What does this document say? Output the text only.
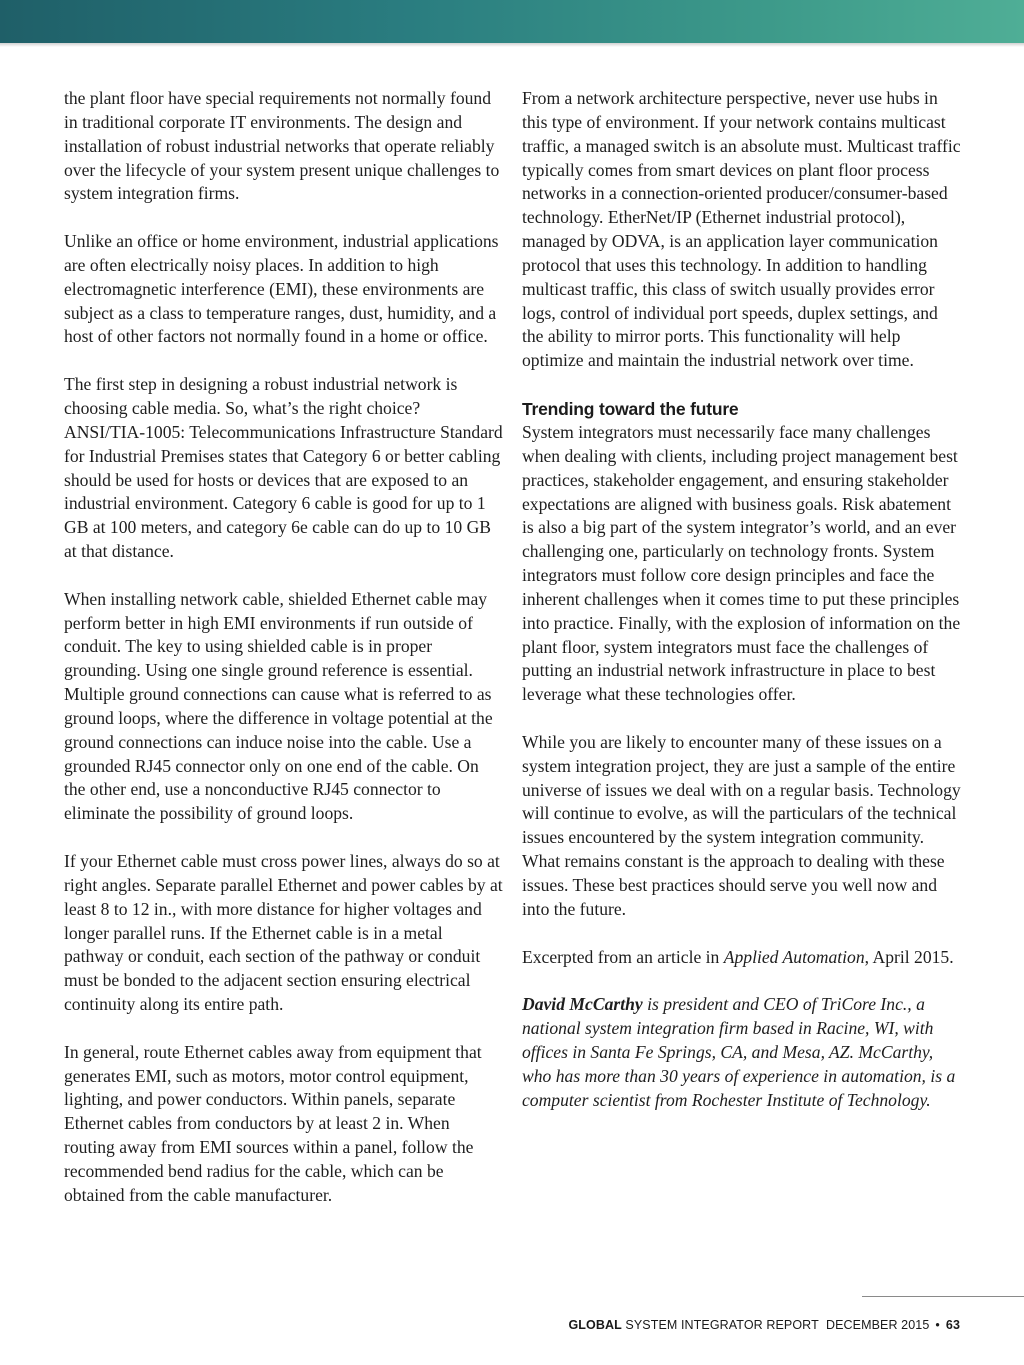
the plant floor have special requirements not normally found in traditional corporate IT environments. The design and installation of robust industrial networks that operate reliably over the lifecycle of your system present unique challenges to system integration firms.

Unlike an office or home environment, industrial applications are often electrically noisy places. In addition to high electromagnetic interference (EMI), these environments are subject as a class to temperature ranges, dust, humidity, and a host of other factors not normally found in a home or office.

The first step in designing a robust industrial network is choosing cable media. So, what’s the right choice? ANSI/TIA-1005: Telecommunications Infrastructure Standard for Industrial Premises states that Category 6 or better cabling should be used for hosts or devices that are exposed to an industrial environment. Category 6 cable is good for up to 1 GB at 100 meters, and category 6e cable can do up to 10 GB at that distance.

When installing network cable, shielded Ethernet cable may perform better in high EMI environments if run outside of conduit. The key to using shielded cable is in proper grounding. Using one single ground reference is essential. Multiple ground connections can cause what is referred to as ground loops, where the difference in voltage potential at the ground connections can induce noise into the cable. Use a grounded RJ45 connector only on one end of the cable. On the other end, use a nonconductive RJ45 connector to eliminate the possibility of ground loops.

If your Ethernet cable must cross power lines, always do so at right angles. Separate parallel Ethernet and power cables by at least 8 to 12 in., with more distance for higher voltages and longer parallel runs. If the Ethernet cable is in a metal pathway or conduit, each section of the pathway or conduit must be bonded to the adjacent section ensuring electrical continuity along its entire path.

In general, route Ethernet cables away from equipment that generates EMI, such as motors, motor control equipment, lighting, and power conductors. Within panels, separate Ethernet cables from conductors by at least 2 in. When routing away from EMI sources within a panel, follow the recommended bend radius for the cable, which can be obtained from the cable manufacturer.

From a network architecture perspective, never use hubs in this type of environment. If your network contains multicast traffic, a managed switch is an absolute must. Multicast traffic typically comes from smart devices on plant floor process networks in a connection-oriented producer/consumer-based technology. EtherNet/IP (Ethernet industrial protocol), managed by ODVA, is an application layer communication protocol that uses this technology. In addition to handling multicast traffic, this class of switch usually provides error logs, control of individual port speeds, duplex settings, and the ability to mirror ports. This functionality will help optimize and maintain the industrial network over time.

Trending toward the future

System integrators must necessarily face many challenges when dealing with clients, including project management best practices, stakeholder engagement, and ensuring stakeholder expectations are aligned with business goals. Risk abatement is also a big part of the system integrator’s world, and an ever challenging one, particularly on technology fronts. System integrators must follow core design principles and face the inherent challenges when it comes time to put these principles into practice. Finally, with the explosion of information on the plant floor, system integrators must face the challenges of putting an industrial network infrastructure in place to best leverage what these technologies offer.

While you are likely to encounter many of these issues on a system integration project, they are just a sample of the entire universe of issues we deal with on a regular basis. Technology will continue to evolve, as will the particulars of the technical issues encountered by the system integration community. What remains constant is the approach to dealing with these issues. These best practices should serve you well now and into the future.

Excerpted from an article in Applied Automation, April 2015.

David McCarthy is president and CEO of TriCore Inc., a national system integration firm based in Racine, WI, with offices in Santa Fe Springs, CA, and Mesa, AZ. McCarthy, who has more than 30 years of experience in automation, is a computer scientist from Rochester Institute of Technology.

GLOBAL SYSTEM INTEGRATOR REPORT DECEMBER 2015 • 63
